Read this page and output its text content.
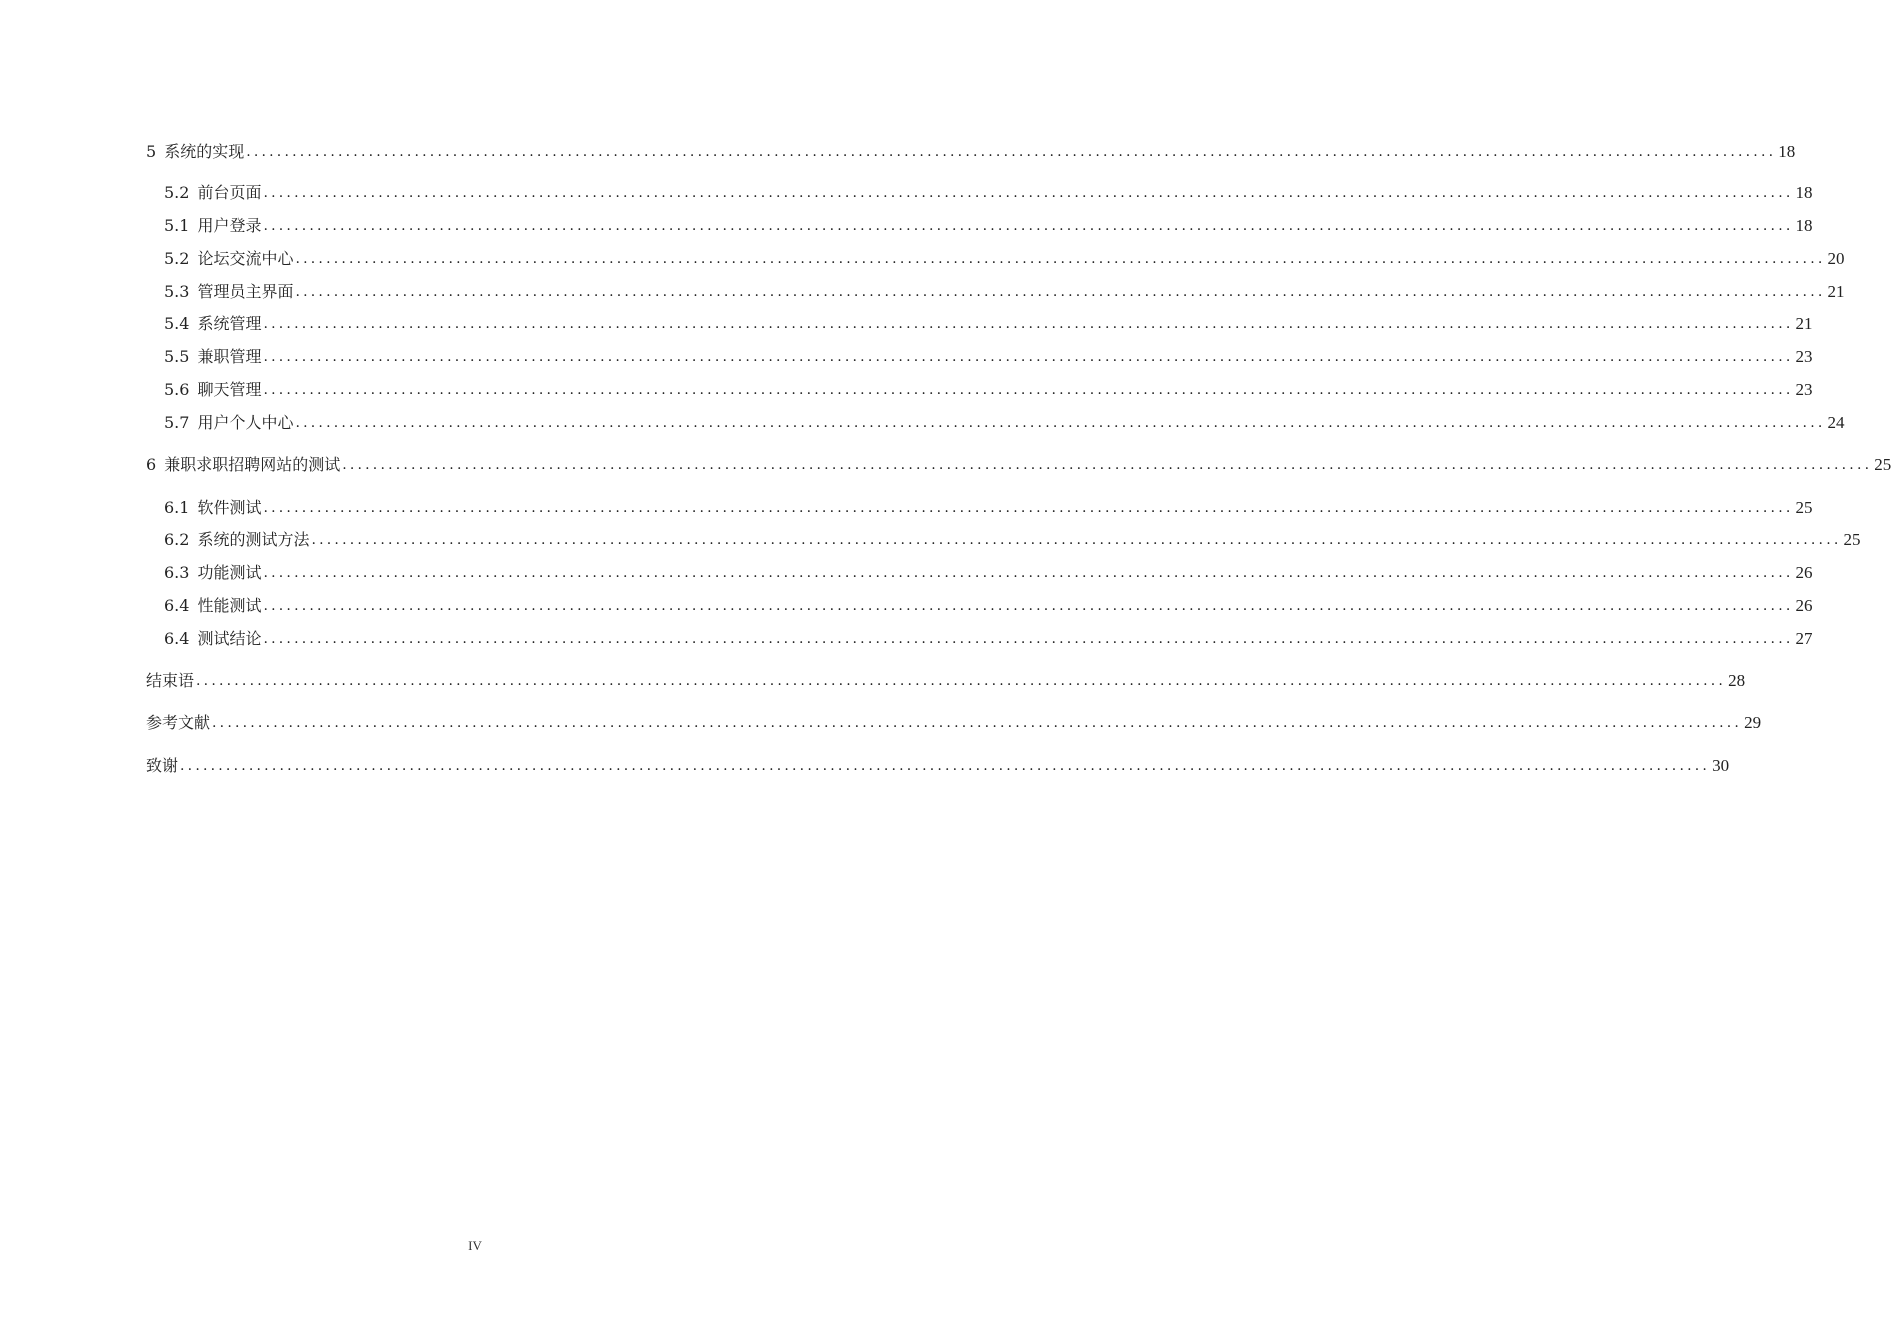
5 系统的实现 ........................................................................................................................................................................................................ 18
5.2 前台页面 ........................................................................................................................................................................................................ 18
5.1 用户登录 ........................................................................................................................................................................................................ 18
5.2 论坛交流中心 ........................................................................................................................................................................................................ 20
5.3 管理员主界面 ........................................................................................................................................................................................................ 21
5.4 系统管理 ........................................................................................................................................................................................................ 21
5.5 兼职管理 ........................................................................................................................................................................................................ 23
5.6 聊天管理 ........................................................................................................................................................................................................ 23
5.7 用户个人中心 ........................................................................................................................................................................................................ 24
6 兼职求职招聘网站的测试 ........................................................................................................................................................................................................ 25
6.1 软件测试 ........................................................................................................................................................................................................ 25
6.2 系统的测试方法 ........................................................................................................................................................................................................ 25
6.3 功能测试 ........................................................................................................................................................................................................ 26
6.4 性能测试 ........................................................................................................................................................................................................ 26
6.4 测试结论 ........................................................................................................................................................................................................ 27
结束语 ........................................................................................................................................................................................................ 28
参考文献 ........................................................................................................................................................................................................ 29
致谢 ........................................................................................................................................................................................................ 30
IV
